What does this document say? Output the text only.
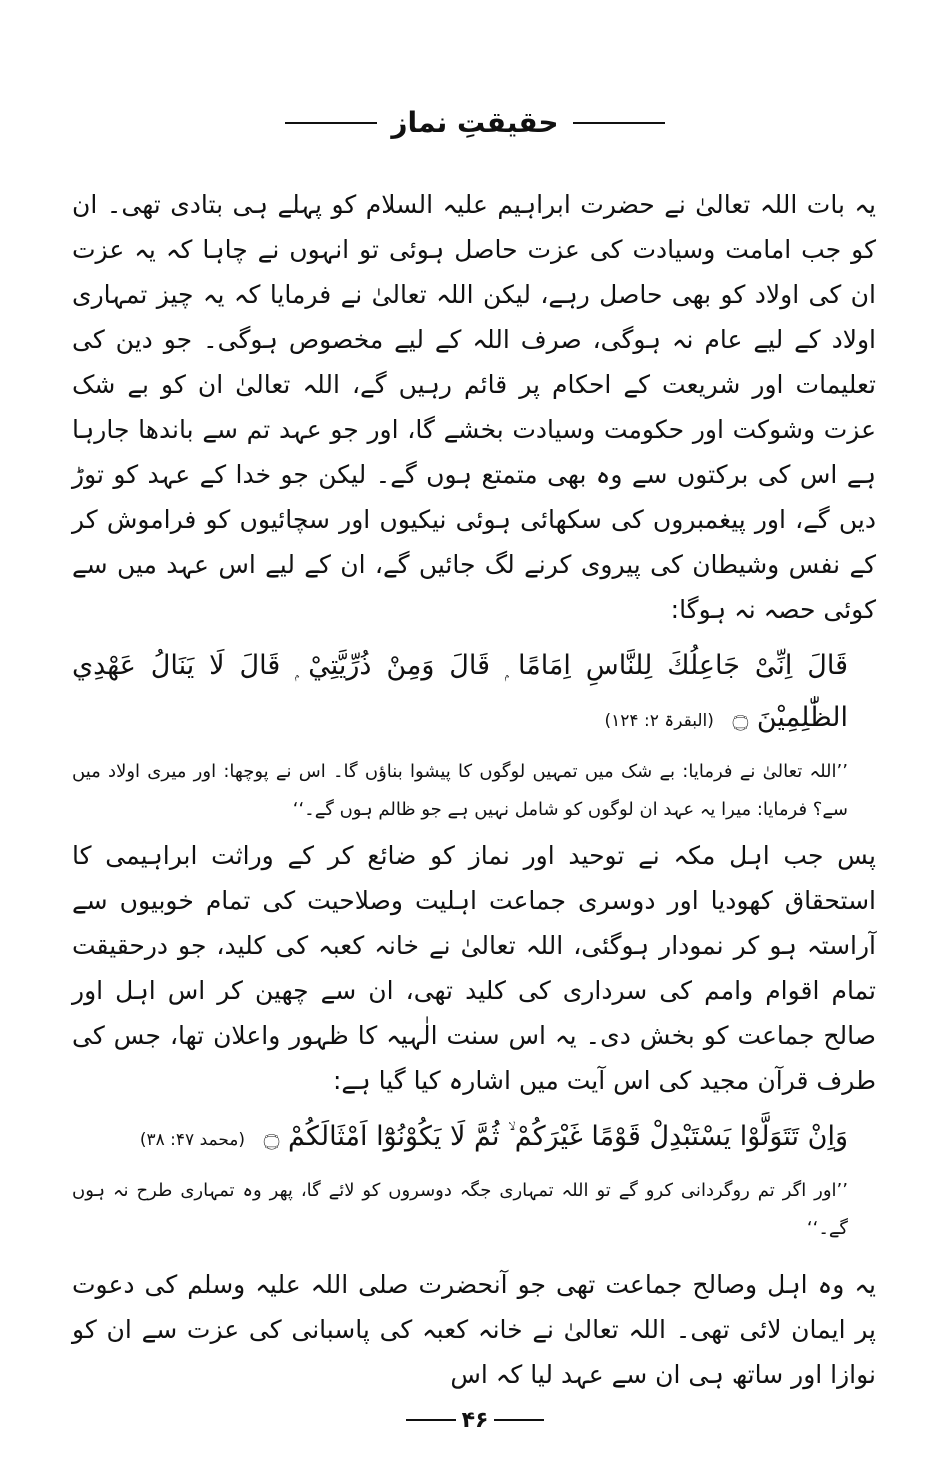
حقیقتِ نماز

یہ بات اللہ تعالیٰ نے حضرت ابراہیم علیہ السلام کو پہلے ہی بتادی تھی۔ ان کو جب امامت وسیادت کی عزت حاصل ہوئی تو انہوں نے چاہا کہ یہ عزت ان کی اولاد کو بھی حاصل رہے، لیکن اللہ تعالیٰ نے فرمایا کہ یہ چیز تمہاری اولاد کے لیے عام نہ ہوگی، صرف اللہ کے لیے مخصوص ہوگی۔ جو دین کی تعلیمات اور شریعت کے احکام پر قائم رہیں گے، اللہ تعالیٰ ان کو بے شک عزت وشوکت اور حکومت وسیادت بخشے گا، اور جو عہد تم سے باندھا جارہا ہے اس کی برکتوں سے وہ بھی متمتع ہوں گے۔ لیکن جو خدا کے عہد کو توڑ دیں گے، اور پیغمبروں کی سکھائی ہوئی نیکیوں اور سچائیوں کو فراموش کر کے نفس وشیطان کی پیروی کرنے لگ جائیں گے، ان کے لیے اس عہد میں سے کوئی حصہ نہ ہوگا:

قَالَ اِنِّیْ جَاعِلُكَ لِلنَّاسِ اِمَامًا ۭ قَالَ وَمِنْ ذُرِّيَّتِيْ ۭ قَالَ لَا يَنَالُ عَهْدِي الظّٰلِمِيْنَ ۝ (البقرۃ ۲: ۱۲۴)

’’اللہ تعالیٰ نے فرمایا: بے شک میں تمہیں لوگوں کا پیشوا بناؤں گا۔ اس نے پوچھا: اور میری اولاد میں سے؟ فرمایا: میرا یہ عہد ان لوگوں کو شامل نہیں ہے جو ظالم ہوں گے۔‘‘

پس جب اہل مکہ نے توحید اور نماز کو ضائع کر کے وراثت ابراہیمی کا استحقاق کھودیا اور دوسری جماعت اہلیت وصلاحیت کی تمام خوبیوں سے آراستہ ہو کر نمودار ہوگئی، اللہ تعالیٰ نے خانہ کعبہ کی کلید، جو درحقیقت تمام اقوام وامم کی سرداری کی کلید تھی، ان سے چھین کر اس اہل اور صالح جماعت کو بخش دی۔ یہ اس سنت الٰہیہ کا ظہور واعلان تھا، جس کی طرف قرآن مجید کی اس آیت میں اشارہ کیا گیا ہے:

وَاِنْ تَتَوَلَّوْا يَسْتَبْدِلْ قَوْمًا غَيْرَكُمْ ۙ ثُمَّ لَا يَكُوْنُوْٓا اَمْثَالَكُمْ ۝ (محمد ۴۷: ۳۸)

’’اور اگر تم روگردانی کرو گے تو اللہ تمہاری جگہ دوسروں کو لائے گا، پھر وہ تمہاری طرح نہ ہوں گے۔‘‘

یہ وہ اہل وصالح جماعت تھی جو آنحضرت صلی اللہ علیہ وسلم کی دعوت پر ایمان لائی تھی۔ اللہ تعالیٰ نے خانہ کعبہ کی پاسبانی کی عزت سے ان کو نوازا اور ساتھ ہی ان سے عہد لیا کہ اس

۴۶
